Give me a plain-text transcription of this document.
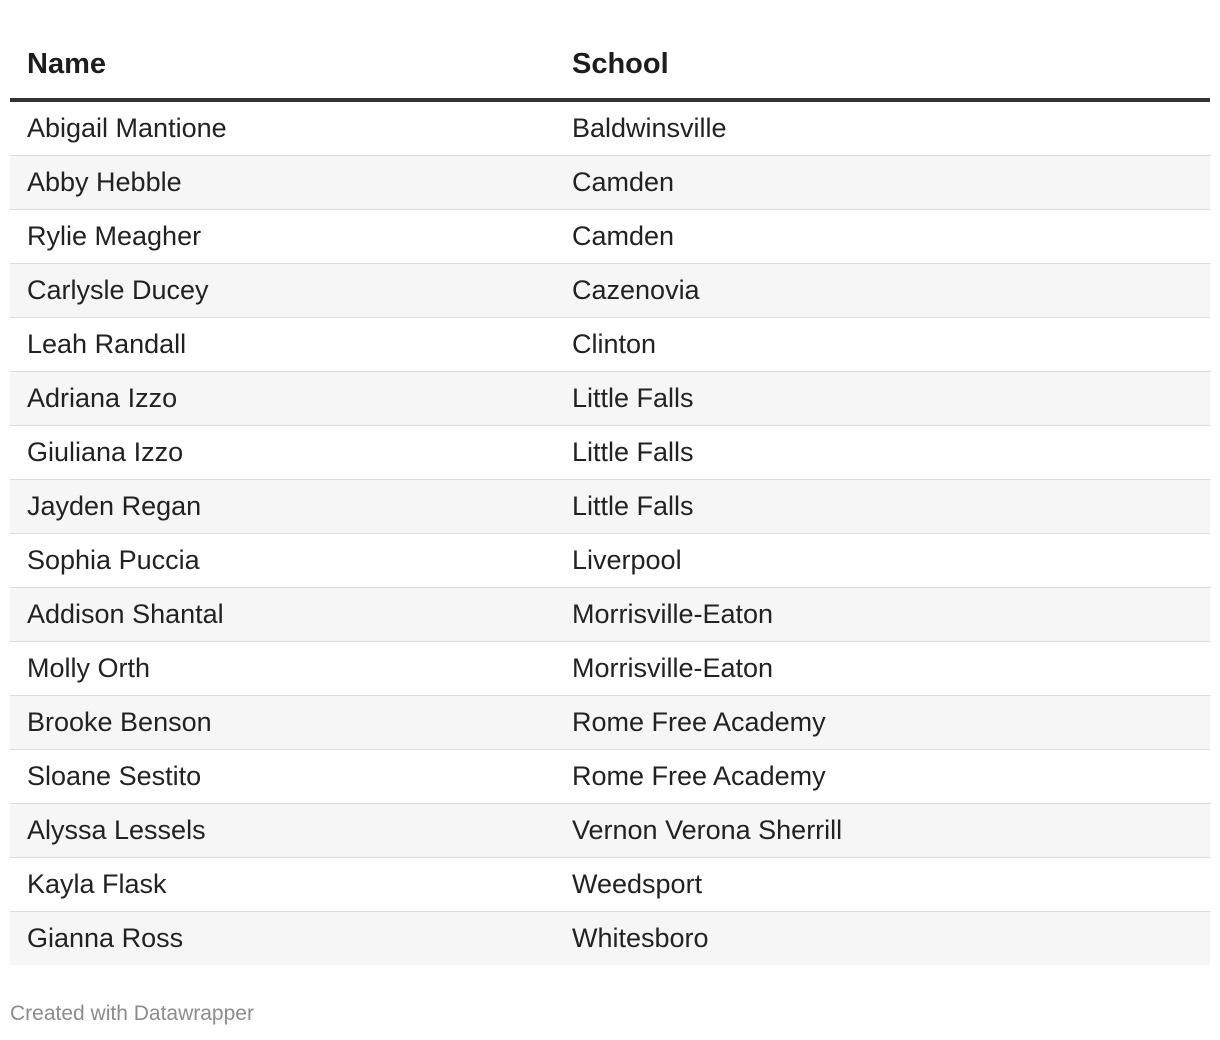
Name	School
Abigail Mantione	Baldwinsville
Abby Hebble	Camden
Rylie Meagher	Camden
Carlysle Ducey	Cazenovia
Leah Randall	Clinton
Adriana Izzo	Little Falls
Giuliana Izzo	Little Falls
Jayden Regan	Little Falls
Sophia Puccia	Liverpool
Addison Shantal	Morrisville-Eaton
Molly Orth	Morrisville-Eaton
Brooke Benson	Rome Free Academy
Sloane Sestito	Rome Free Academy
Alyssa Lessels	Vernon Verona Sherrill
Kayla Flask	Weedsport
Gianna Ross	Whitesboro
Created with Datawrapper
